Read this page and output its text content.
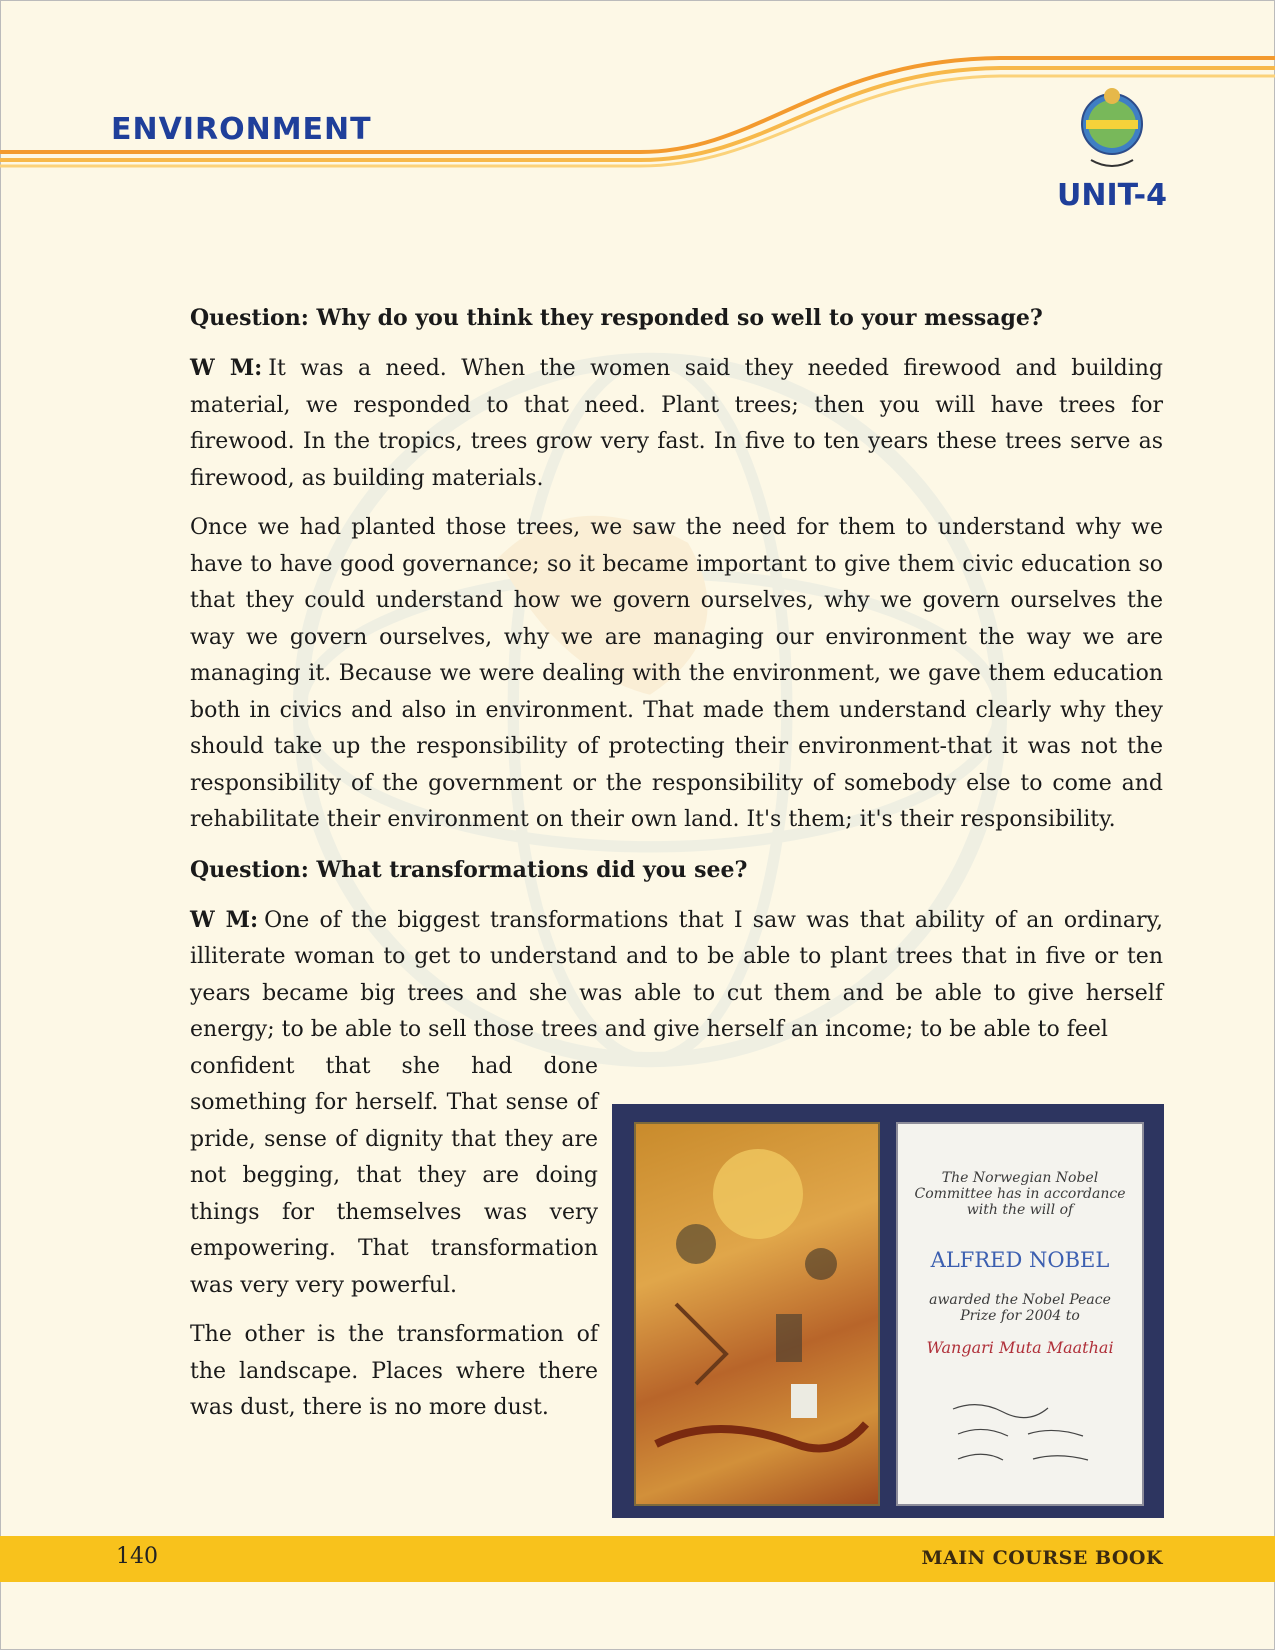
ENVIRONMENT
UNIT-4
Question: Why do you think they responded so well to your message?

W M: It was a need. When the women said they needed firewood and building material, we responded to that need. Plant trees; then you will have trees for firewood. In the tropics, trees grow very fast. In five to ten years these trees serve as firewood, as building materials.

Once we had planted those trees, we saw the need for them to understand why we have to have good governance; so it became important to give them civic education so that they could understand how we govern ourselves, why we govern ourselves the way we govern ourselves, why we are managing our environment the way we are managing it. Because we were dealing with the environment, we gave them education both in civics and also in environment. That made them understand clearly why they should take up the responsibility of protecting their environment-that it was not the responsibility of the government or the responsibility of somebody else to come and rehabilitate their environment on their own land. It's them; it's their responsibility.

Question: What transformations did you see?

W M: One of the biggest transformations that I saw was that ability of an ordinary, illiterate woman to get to understand and to be able to plant trees that in five or ten years became big trees and she was able to cut them and be able to give herself energy; to be able to sell those trees and give herself an income; to be able to feel

confident that she had done something for herself. That sense of pride, sense of dignity that they are not begging, that they are doing things for themselves was very empowering. That transformation was very very powerful.

The other is the transformation of the landscape. Places where there was dust, there is no more dust.

The Norwegian Nobel Committee has in accordance with the will of
ALFRED NOBEL
awarded the Nobel Peace Prize for 2004 to
Wangari Muta Maathai
140	MAIN COURSE BOOK
